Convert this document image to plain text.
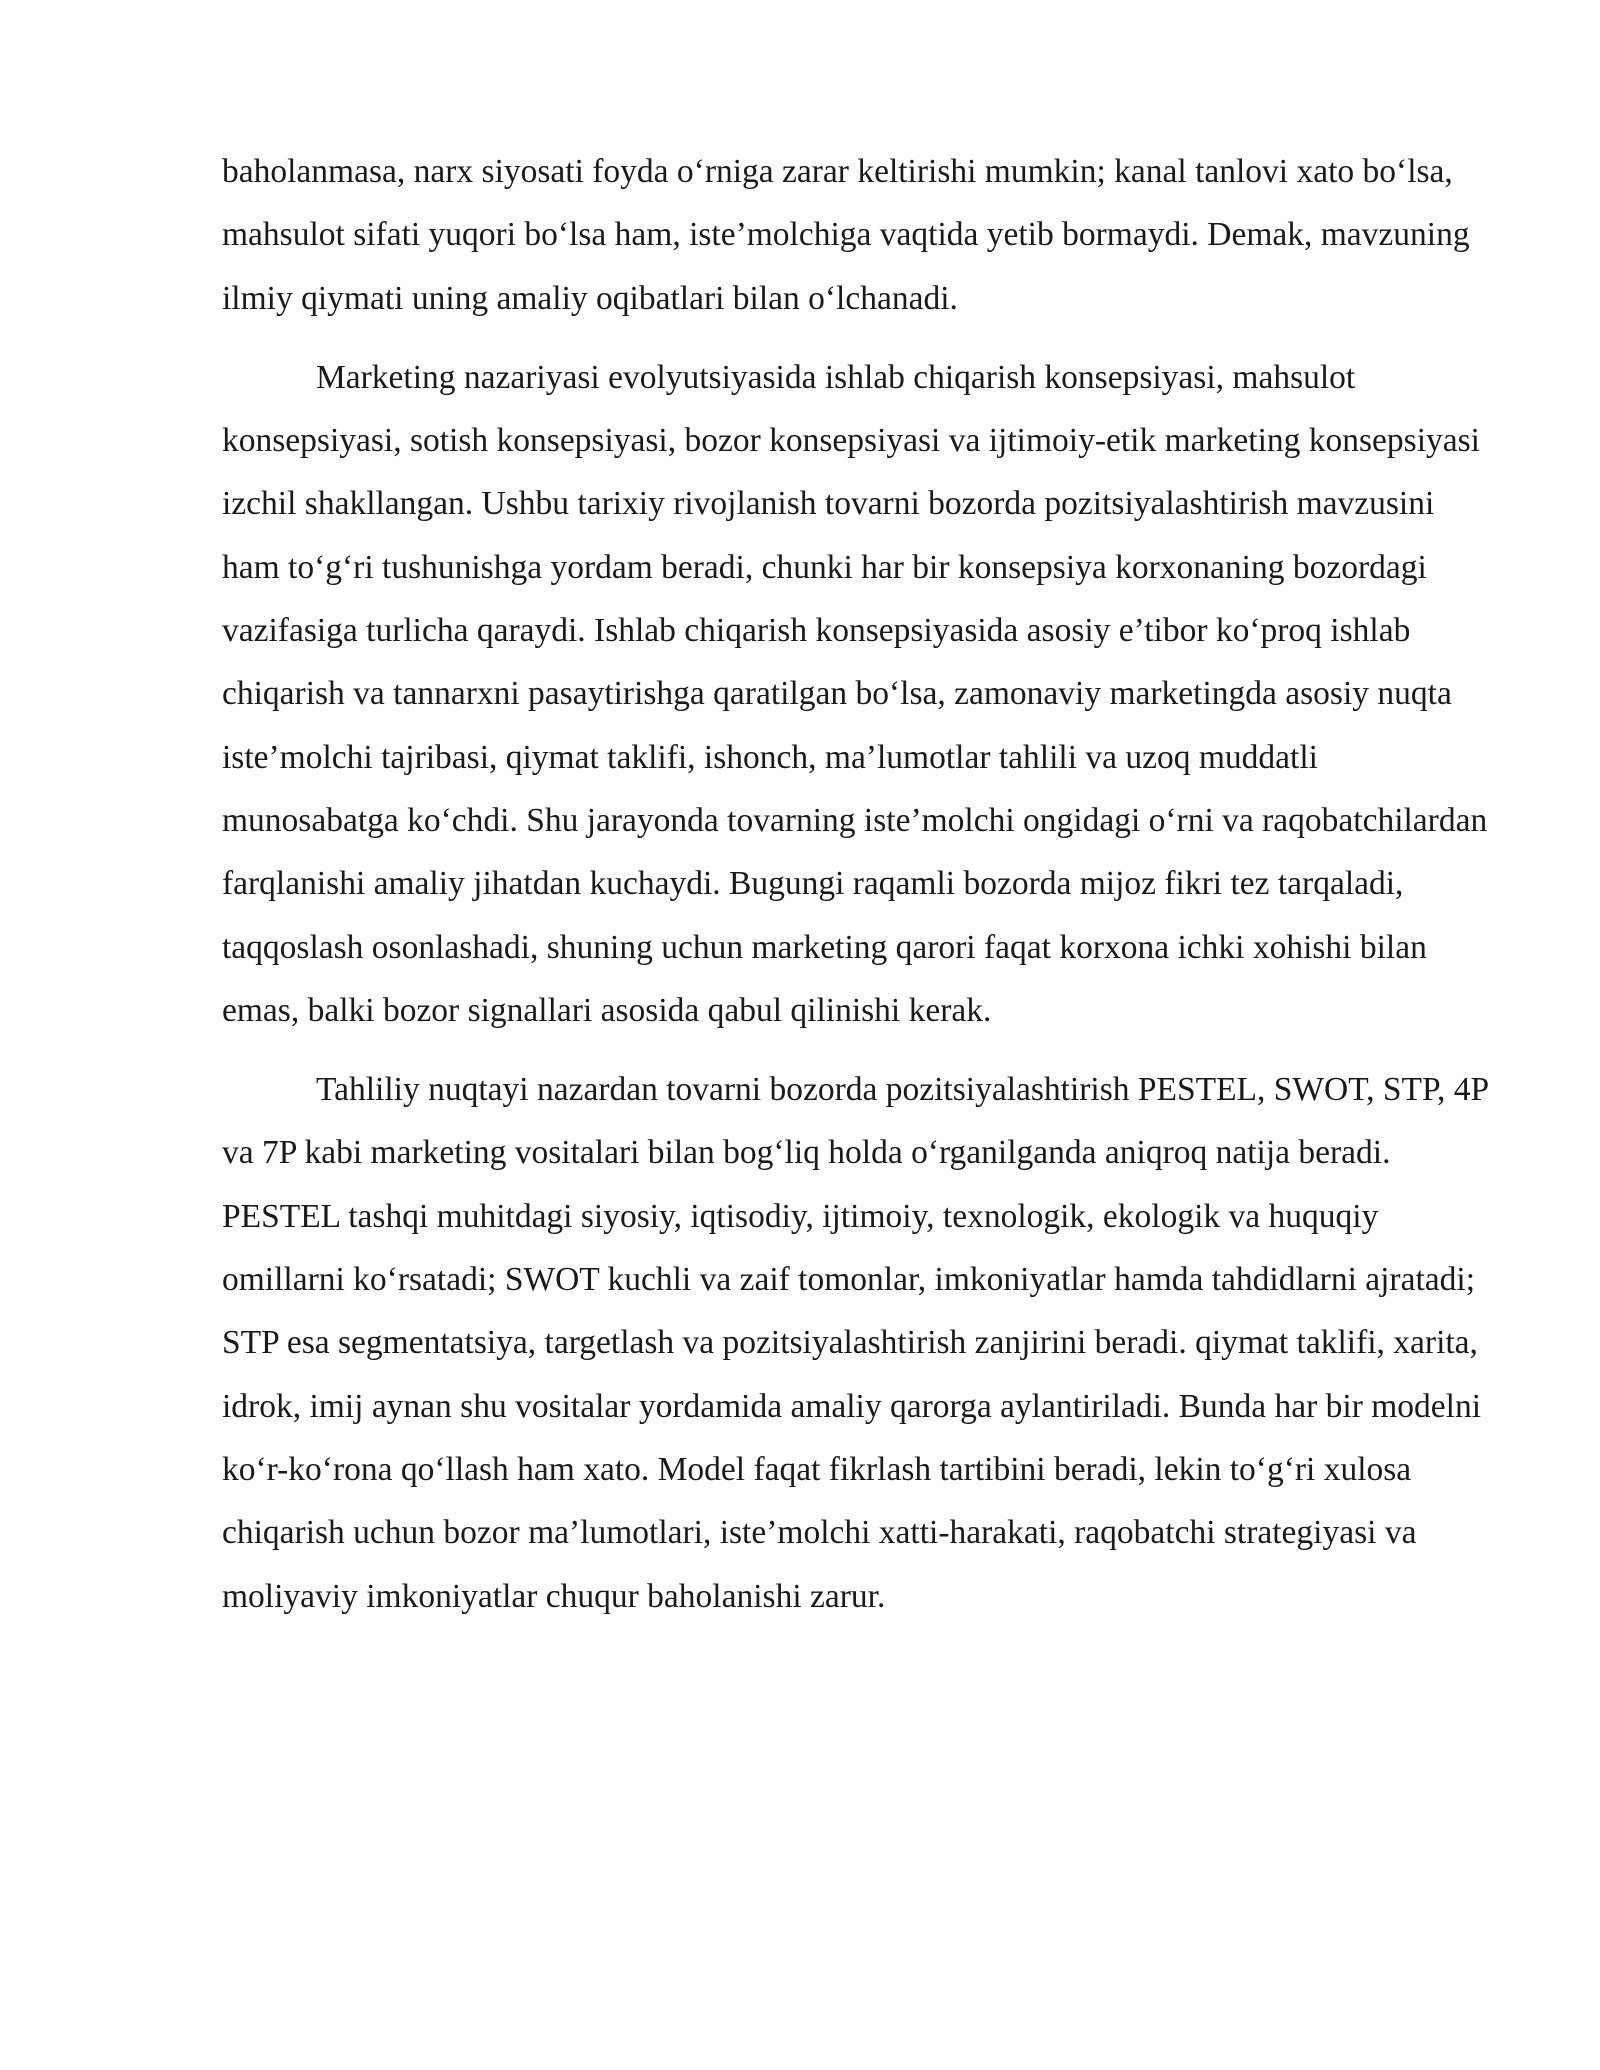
baholanmasa, narx siyosati foyda o‘rniga zarar keltirishi mumkin; kanal tanlovi xato bo‘lsa, mahsulot sifati yuqori bo‘lsa ham, iste’molchiga vaqtida yetib bormaydi. Demak, mavzuning ilmiy qiymati uning amaliy oqibatlari bilan o‘lchanadi.

Marketing nazariyasi evolyutsiyasida ishlab chiqarish konsepsiyasi, mahsulot konsepsiyasi, sotish konsepsiyasi, bozor konsepsiyasi va ijtimoiy-etik marketing konsepsiyasi izchil shakllangan. Ushbu tarixiy rivojlanish tovarni bozorda pozitsiyalashtirish mavzusini ham to‘g‘ri tushunishga yordam beradi, chunki har bir konsepsiya korxonaning bozordagi vazifasiga turlicha qaraydi. Ishlab chiqarish konsepsiyasida asosiy e’tibor ko‘proq ishlab chiqarish va tannarxni pasaytirishga qaratilgan bo‘lsa, zamonaviy marketingda asosiy nuqta iste’molchi tajribasi, qiymat taklifi, ishonch, ma’lumotlar tahlili va uzoq muddatli munosabatga ko‘chdi. Shu jarayonda tovarning iste’molchi ongidagi o‘rni va raqobatchilardan farqlanishi amaliy jihatdan kuchaydi. Bugungi raqamli bozorda mijoz fikri tez tarqaladi, taqqoslash osonlashadi, shuning uchun marketing qarori faqat korxona ichki xohishi bilan emas, balki bozor signallari asosida qabul qilinishi kerak.

Tahliliy nuqtayi nazardan tovarni bozorda pozitsiyalashtirish PESTEL, SWOT, STP, 4P va 7P kabi marketing vositalari bilan bog‘liq holda o‘rganilganda aniqroq natija beradi. PESTEL tashqi muhitdagi siyosiy, iqtisodiy, ijtimoiy, texnologik, ekologik va huquqiy omillarni ko‘rsatadi; SWOT kuchli va zaif tomonlar, imkoniyatlar hamda tahdidlarni ajratadi; STP esa segmentatsiya, targetlash va pozitsiyalashtirish zanjirini beradi. qiymat taklifi, xarita, idrok, imij aynan shu vositalar yordamida amaliy qarorga aylantiriladi. Bunda har bir modelni ko‘r-ko‘rona qo‘llash ham xato. Model faqat fikrlash tartibini beradi, lekin to‘g‘ri xulosa chiqarish uchun bozor ma’lumotlari, iste’molchi xatti-harakati, raqobatchi strategiyasi va moliyaviy imkoniyatlar chuqur baholanishi zarur.
